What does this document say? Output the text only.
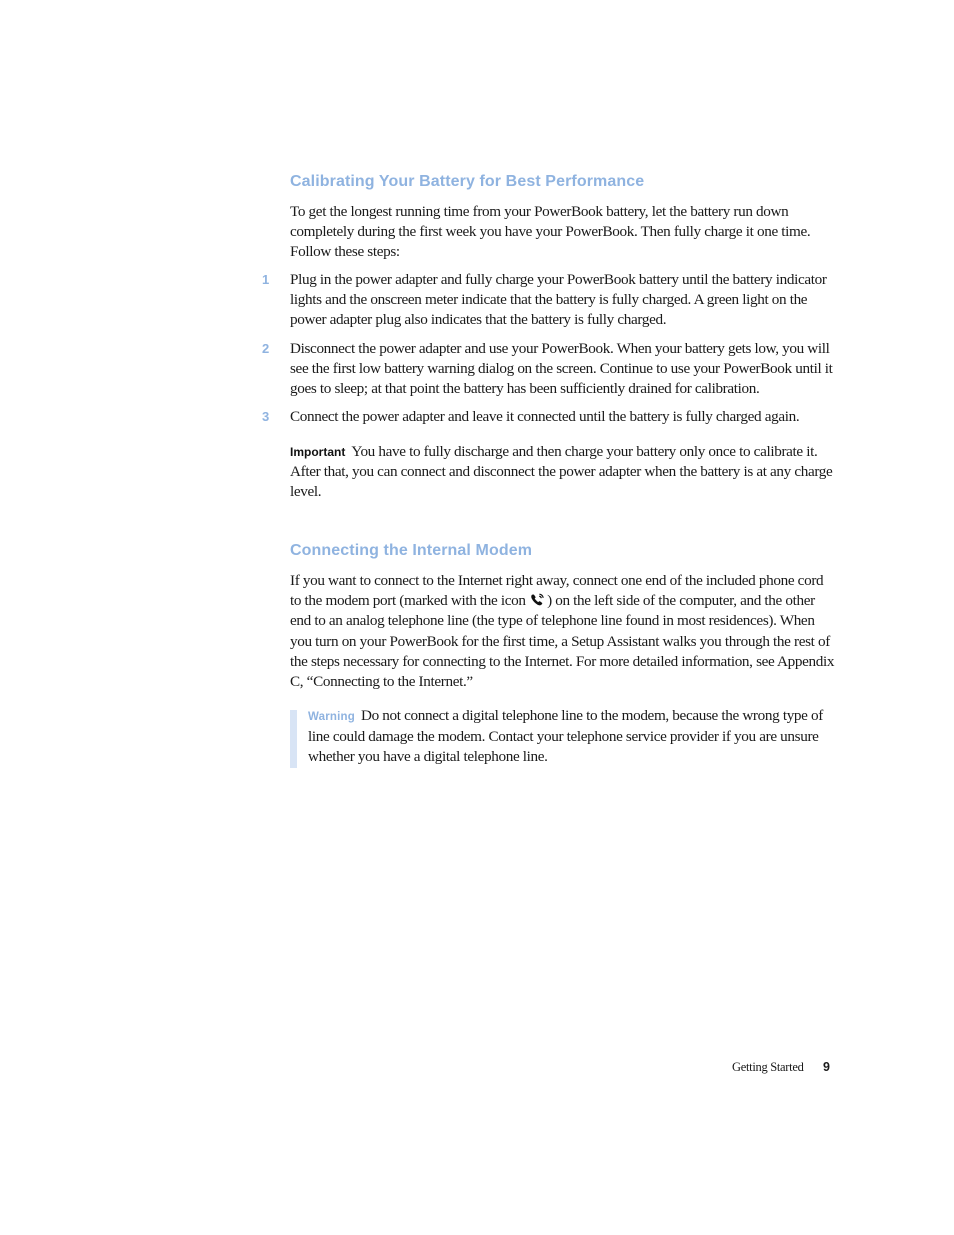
Calibrating Your Battery for Best Performance

To get the longest running time from your PowerBook battery, let the battery run down completely during the first week you have your PowerBook. Then fully charge it one time. Follow these steps:

1 Plug in the power adapter and fully charge your PowerBook battery until the battery indicator lights and the onscreen meter indicate that the battery is fully charged. A green light on the power adapter plug also indicates that the battery is fully charged.

2 Disconnect the power adapter and use your PowerBook. When your battery gets low, you will see the first low battery warning dialog on the screen. Continue to use your PowerBook until it goes to sleep; at that point the battery has been sufficiently drained for calibration.

3 Connect the power adapter and leave it connected until the battery is fully charged again.

Important You have to fully discharge and then charge your battery only once to calibrate it. After that, you can connect and disconnect the power adapter when the battery is at any charge level.

Connecting the Internal Modem

If you want to connect to the Internet right away, connect one end of the included phone cord to the modem port (marked with the icon ) on the left side of the computer, and the other end to an analog telephone line (the type of telephone line found in most residences). When you turn on your PowerBook for the first time, a Setup Assistant walks you through the rest of the steps necessary for connecting to the Internet. For more detailed information, see Appendix C, “Connecting to the Internet.”

Warning Do not connect a digital telephone line to the modem, because the wrong type of line could damage the modem. Contact your telephone service provider if you are unsure whether you have a digital telephone line.

Getting Started 9
